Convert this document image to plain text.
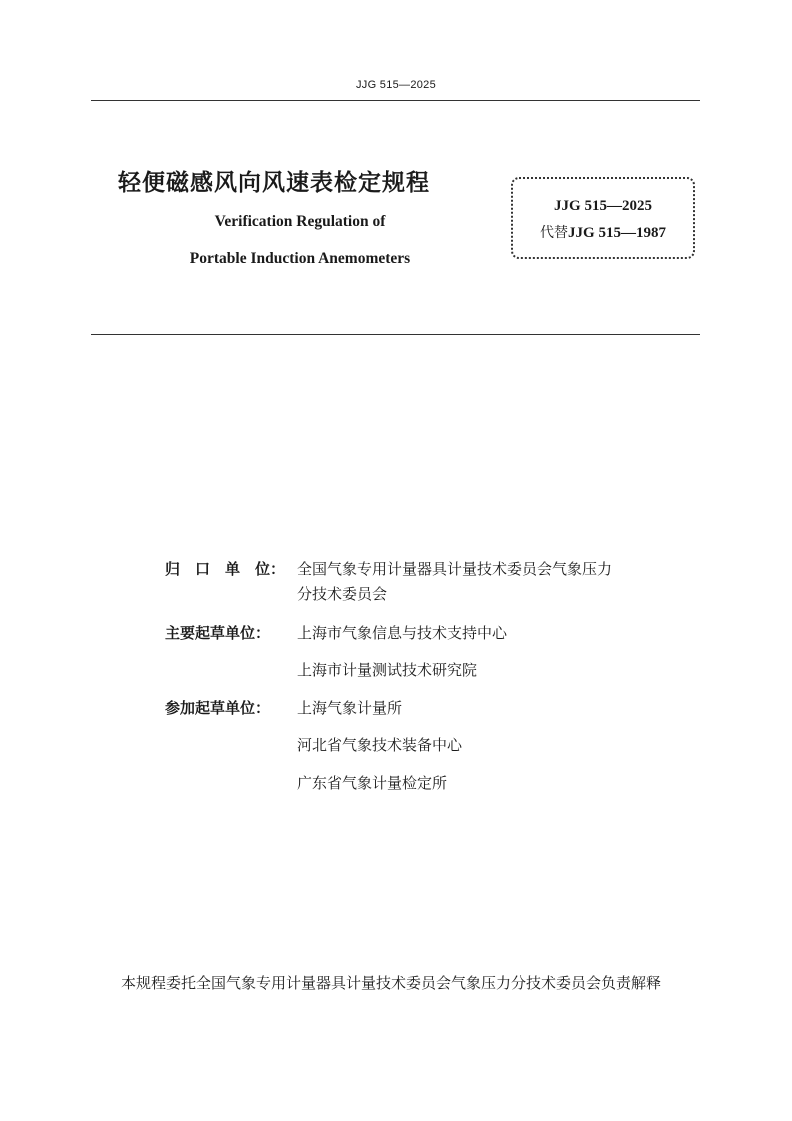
JJG 515—2025
轻便磁感风向风速表检定规程
Verification Regulation of
Portable Induction Anemometers
JJG 515—2025
代替JJG 515—1987
归　口　单　位： 全国气象专用计量器具计量技术委员会气象压力
分技术委员会
主要起草单位：	上海市气象信息与技术支持中心
上海市计量测试技术研究院
参加起草单位：	上海气象计量所
河北省气象技术装备中心
广东省气象计量检定所
本规程委托全国气象专用计量器具计量技术委员会气象压力分技术委员会负责解释
